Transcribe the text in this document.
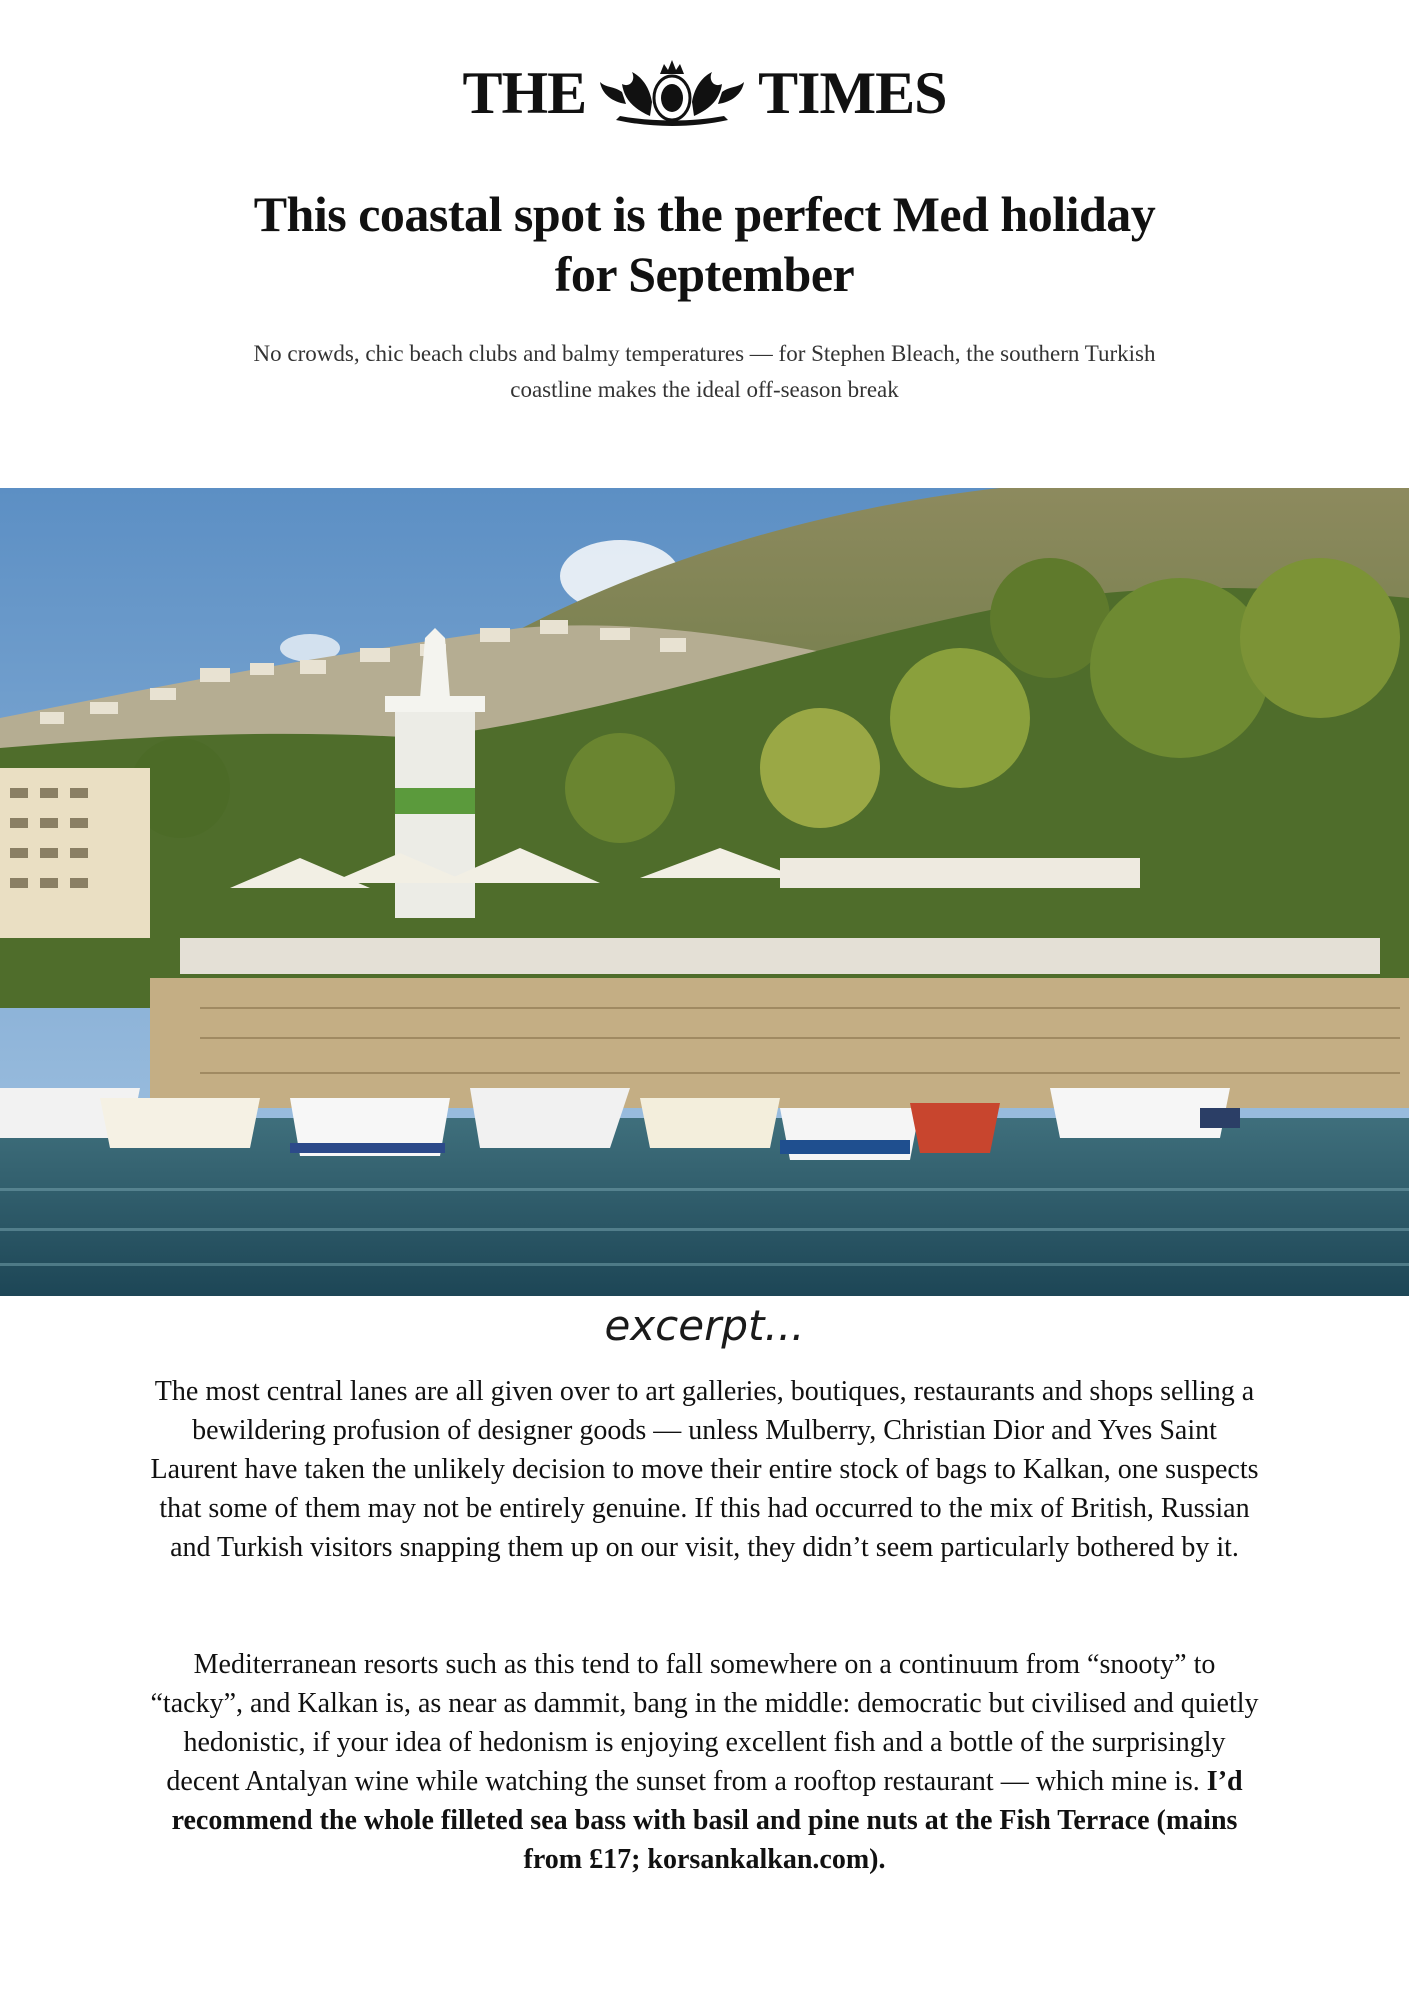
THE	TIMES
This coastal spot is the perfect Med holiday for September
No crowds, chic beach clubs and balmy temperatures — for Stephen Bleach, the southern Turkish coastline makes the ideal off-season break
excerpt...

The most central lanes are all given over to art galleries, boutiques, restaurants and shops selling a bewildering profusion of designer goods — unless Mulberry, Christian Dior and Yves Saint Laurent have taken the unlikely decision to move their entire stock of bags to Kalkan, one suspects that some of them may not be entirely genuine. If this had occurred to the mix of British, Russian and Turkish visitors snapping them up on our visit, they didn’t seem particularly bothered by it.

Mediterranean resorts such as this tend to fall somewhere on a continuum from “snooty” to “tacky”, and Kalkan is, as near as dammit, bang in the middle: democratic but civilised and quietly hedonistic, if your idea of hedonism is enjoying excellent fish and a bottle of the surprisingly decent Antalyan wine while watching the sunset from a rooftop restaurant — which mine is. I’d recommend the whole filleted sea bass with basil and pine nuts at the Fish Terrace (mains from £17; korsankalkan.com).
